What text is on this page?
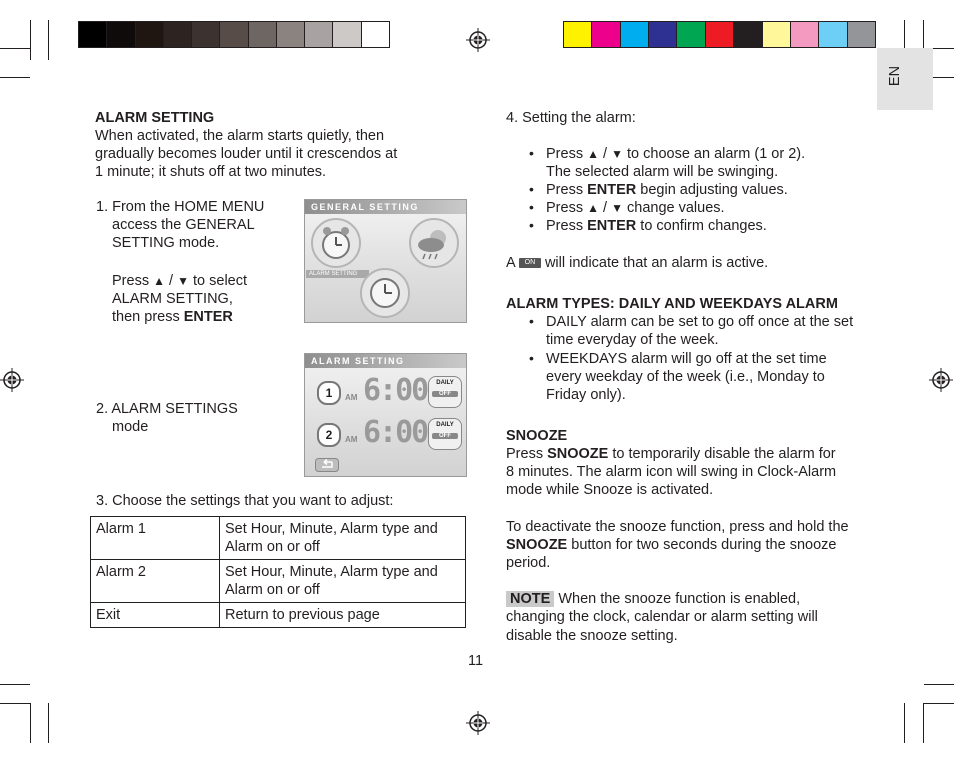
EN
ALARM SETTING
When activated, the alarm starts quietly, then
gradually becomes louder until it crescendos at
1 minute; it shuts off at two minutes.
1. From the HOME MENU
access the GENERAL
SETTING mode.
Press ▲ / ▼ to select
ALARM SETTING,
then press ENTER
GENERAL SETTING
ALARM SETTING
2. ALARM SETTINGS
mode
ALARM SETTING
1	AM 6:00	DAILY
OFF
2	AM 6:00	DAILY
OFF
3. Choose the settings that you want to adjust:
Alarm 1	Set Hour, Minute, Alarm type and
Alarm on or off

Alarm 2	Set Hour, Minute, Alarm type and
Alarm on or off

Exit	Return to previous page
11
4. Setting the alarm:
• Press ▲ / ▼ to choose an alarm (1 or 2).
The selected alarm will be swinging.
• Press ENTER begin adjusting values.
• Press ▲ / ▼ change values.
• Press ENTER to confirm changes.
A ON will indicate that an alarm is active.
ALARM TYPES: DAILY AND WEEKDAYS ALARM
• DAILY alarm can be set to go off once at the set
time everyday of the week.
• WEEKDAYS alarm will go off at the set time
every weekday of the week (i.e., Monday to
Friday only).
SNOOZE
Press SNOOZE to temporarily disable the alarm for
8 minutes. The alarm icon will swing in Clock-Alarm
mode while Snooze is activated.
To deactivate the snooze function, press and hold the
SNOOZE button for two seconds during the snooze
period.
NOTE When the snooze function is enabled,
changing the clock, calendar or alarm setting will
disable the snooze setting.
